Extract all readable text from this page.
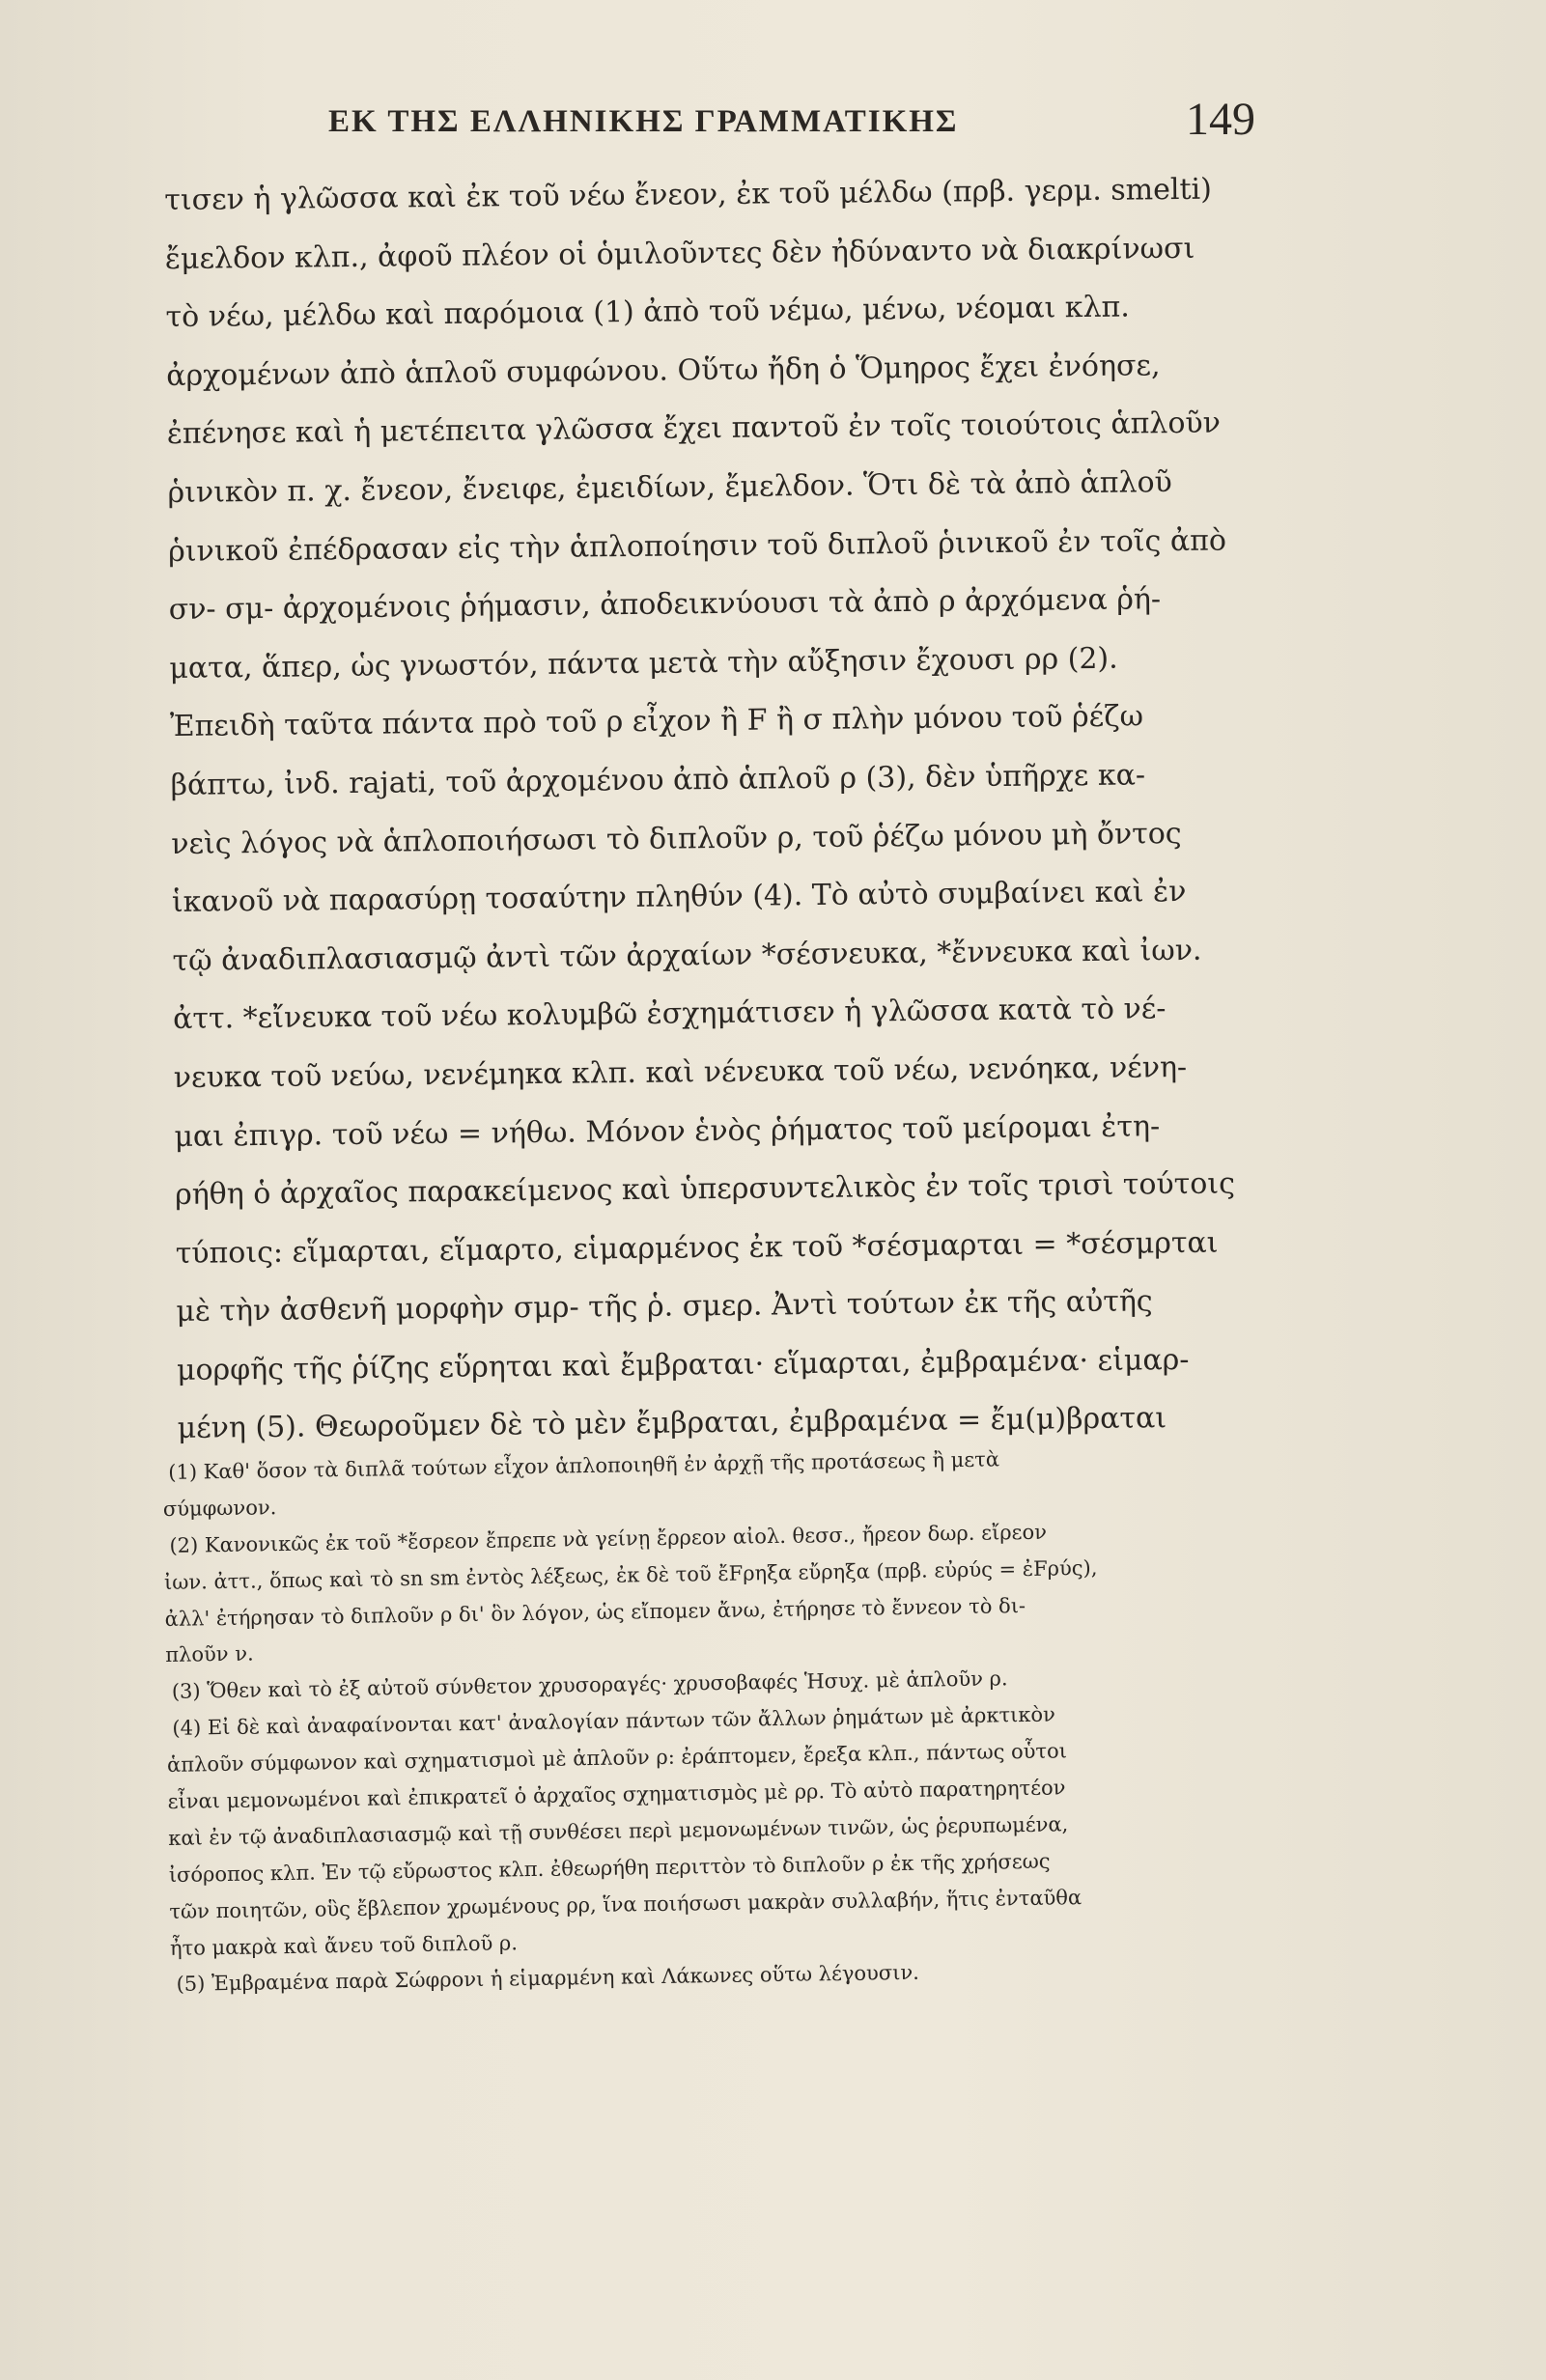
ΕΚ ΤΗΣ ΕΛΛΗΝΙΚΗΣ ΓΡΑΜΜΑΤΙΚΗΣ	149
τισεν ἡ γλῶσσα καὶ ἐκ τοῦ νέω ἔνεον, ἐκ τοῦ μέλδω (πρβ. γερμ. smelti)
ἔμελδον κλπ., ἀφοῦ πλέον οἱ ὁμιλοῦντες δὲν ἠδύναντο νὰ διακρίνωσι
τὸ νέω, μέλδω καὶ παρόμοια (1) ἀπὸ τοῦ νέμω, μένω, νέομαι κλπ.
ἀρχομένων ἀπὸ ἁπλοῦ συμφώνου. Οὕτω ἤδη ὁ Ὅμηρος ἔχει ἐνόησε,
ἐπένησε καὶ ἡ μετέπειτα γλῶσσα ἔχει παντοῦ ἐν τοῖς τοιούτοις ἁπλοῦν
ῥινικὸν π. χ. ἔνεον, ἔνειφε, ἐμειδίων, ἔμελδον. Ὅτι δὲ τὰ ἀπὸ ἁπλοῦ
ῥινικοῦ ἐπέδρασαν εἰς τὴν ἁπλοποίησιν τοῦ διπλοῦ ῥινικοῦ ἐν τοῖς ἀπὸ
σν- σμ- ἀρχομένοις ῥήμασιν, ἀποδεικνύουσι τὰ ἀπὸ ρ ἀρχόμενα ῥή-
ματα, ἅπερ, ὡς γνωστόν, πάντα μετὰ τὴν αὔξησιν ἔχουσι ρρ (2).
Ἐπειδὴ ταῦτα πάντα πρὸ τοῦ ρ εἶχον ἢ F ἢ σ πλὴν μόνου τοῦ ῥέζω
βάπτω, ἰνδ. rajati, τοῦ ἀρχομένου ἀπὸ ἁπλοῦ ρ (3), δὲν ὑπῆρχε κα-
νεὶς λόγος νὰ ἁπλοποιήσωσι τὸ διπλοῦν ρ, τοῦ ῥέζω μόνου μὴ ὄντος
ἱκανοῦ νὰ παρασύρῃ τοσαύτην πληθύν (4). Τὸ αὐτὸ συμβαίνει καὶ ἐν
τῷ ἀναδιπλασιασμῷ ἀντὶ τῶν ἀρχαίων *σέσνευκα, *ἔννευκα καὶ ἰων.
ἀττ. *εἴνευκα τοῦ νέω κολυμβῶ ἐσχημάτισεν ἡ γλῶσσα κατὰ τὸ νέ-
νευκα τοῦ νεύω, νενέμηκα κλπ. καὶ νένευκα τοῦ νέω, νενόηκα, νένη-
μαι ἐπιγρ. τοῦ νέω = νήθω. Μόνον ἑνὸς ῥήματος τοῦ μείρομαι ἐτη-
ρήθη ὁ ἀρχαῖος παρακείμενος καὶ ὑπερσυντελικὸς ἐν τοῖς τρισὶ τούτοις
τύποις: εἵμαρται, εἵμαρτο, εἱμαρμένος ἐκ τοῦ *σέσμαρται = *σέσμρται
μὲ τὴν ἀσθενῆ μορφὴν σμρ- τῆς ῥ. σμερ. Ἀντὶ τούτων ἐκ τῆς αὐτῆς
μορφῆς τῆς ῥίζης εὕρηται καὶ ἔμβραται· εἵμαρται, ἐμβραμένα· εἱμαρ-
μένη (5). Θεωροῦμεν δὲ τὸ μὲν ἔμβραται, ἐμβραμένα = ἔμ(μ)βραται
(1) Καθ' ὅσον τὰ διπλᾶ τούτων εἶχον ἁπλοποιηθῆ ἐν ἀρχῇ τῆς προτάσεως ἢ μετὰ
σύμφωνον.
(2) Κανονικῶς ἐκ τοῦ *ἔσρεον ἔπρεπε νὰ γείνῃ ἔρρεον αἰολ. θεσσ., ἤρεον δωρ. εἴρεον
ἰων. ἀττ., ὅπως καὶ τὸ sn sm ἐντὸς λέξεως, ἐκ δὲ τοῦ ἔFρηξα εὔρηξα (πρβ. εὐρύς = ἐFρύς),
ἀλλ' ἐτήρησαν τὸ διπλοῦν ρ δι' ὃν λόγον, ὡς εἴπομεν ἄνω, ἐτήρησε τὸ ἔννεον τὸ δι-
πλοῦν ν.
(3) Ὅθεν καὶ τὸ ἐξ αὐτοῦ σύνθετον χρυσοραγές· χρυσοβαφές Ἡσυχ. μὲ ἁπλοῦν ρ.
(4) Εἰ δὲ καὶ ἀναφαίνονται κατ' ἀναλογίαν πάντων τῶν ἄλλων ῥημάτων μὲ ἀρκτικὸν
ἁπλοῦν σύμφωνον καὶ σχηματισμοὶ μὲ ἁπλοῦν ρ: ἐράπτομεν, ἔρεξα κλπ., πάντως οὗτοι
εἶναι μεμονωμένοι καὶ ἐπικρατεῖ ὁ ἀρχαῖος σχηματισμὸς μὲ ρρ. Τὸ αὐτὸ παρατηρητέον
καὶ ἐν τῷ ἀναδιπλασιασμῷ καὶ τῇ συνθέσει περὶ μεμονωμένων τινῶν, ὡς ῥερυπωμένα,
ἰσόροπος κλπ. Ἐν τῷ εὔρωστος κλπ. ἐθεωρήθη περιττὸν τὸ διπλοῦν ρ ἐκ τῆς χρήσεως
τῶν ποιητῶν, οὓς ἔβλεπον χρωμένους ρρ, ἵνα ποιήσωσι μακρὰν συλλαβήν, ἥτις ἐνταῦθα
ἦτο μακρὰ καὶ ἄνευ τοῦ διπλοῦ ρ.
(5) Ἐμβραμένα παρὰ Σώφρονι ἡ εἱμαρμένη καὶ Λάκωνες οὕτω λέγουσιν.
